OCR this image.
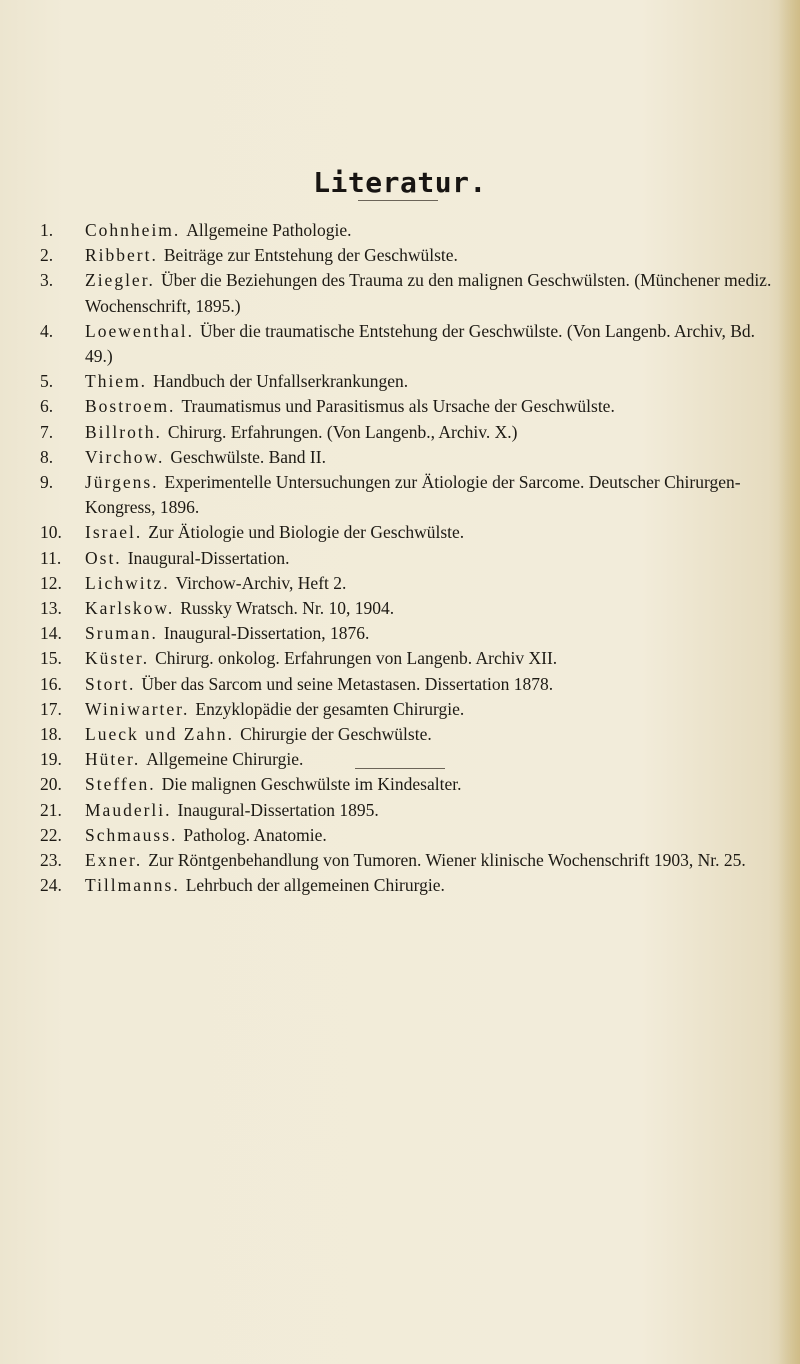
Literatur.
1.	Cohnheim. Allgemeine Pathologie.
2.	Ribbert. Beiträge zur Entstehung der Geschwülste.
3.	Ziegler. Über die Beziehungen des Trauma zu den malignen Geschwülsten. (Münchener mediz. Wochenschrift, 1895.)
4.	Loewenthal. Über die traumatische Entstehung der Geschwülste. (Von Langenb. Archiv, Bd. 49.)
5.	Thiem. Handbuch der Unfallserkrankungen.
6.	Bostroem. Traumatismus und Parasitismus als Ursache der Geschwülste.
7.	Billroth. Chirurg. Erfahrungen. (Von Langenb., Archiv. X.)
8.	Virchow. Geschwülste. Band II.
9.	Jürgens. Experimentelle Untersuchungen zur Ätiologie der Sarcome. Deutscher Chirurgen-Kongress, 1896.
10.	Israel. Zur Ätiologie und Biologie der Geschwülste.
11.	Ost. Inaugural-Dissertation.
12.	Lichwitz. Virchow-Archiv, Heft 2.
13.	Karlskow. Russky Wratsch. Nr. 10, 1904.
14.	Sruman. Inaugural-Dissertation, 1876.
15.	Küster. Chirurg. onkolog. Erfahrungen von Langenb. Archiv XII.
16.	Stort. Über das Sarcom und seine Metastasen. Dissertation 1878.
17.	Winiwarter. Enzyklopädie der gesamten Chirurgie.
18.	Lueck und Zahn. Chirurgie der Geschwülste.
19.	Hüter. Allgemeine Chirurgie.
20.	Steffen. Die malignen Geschwülste im Kindesalter.
21.	Mauderli. Inaugural-Dissertation 1895.
22.	Schmauss. Patholog. Anatomie.
23.	Exner. Zur Röntgenbehandlung von Tumoren. Wiener klinische Wochenschrift 1903, Nr. 25.
24.	Tillmanns. Lehrbuch der allgemeinen Chirurgie.
